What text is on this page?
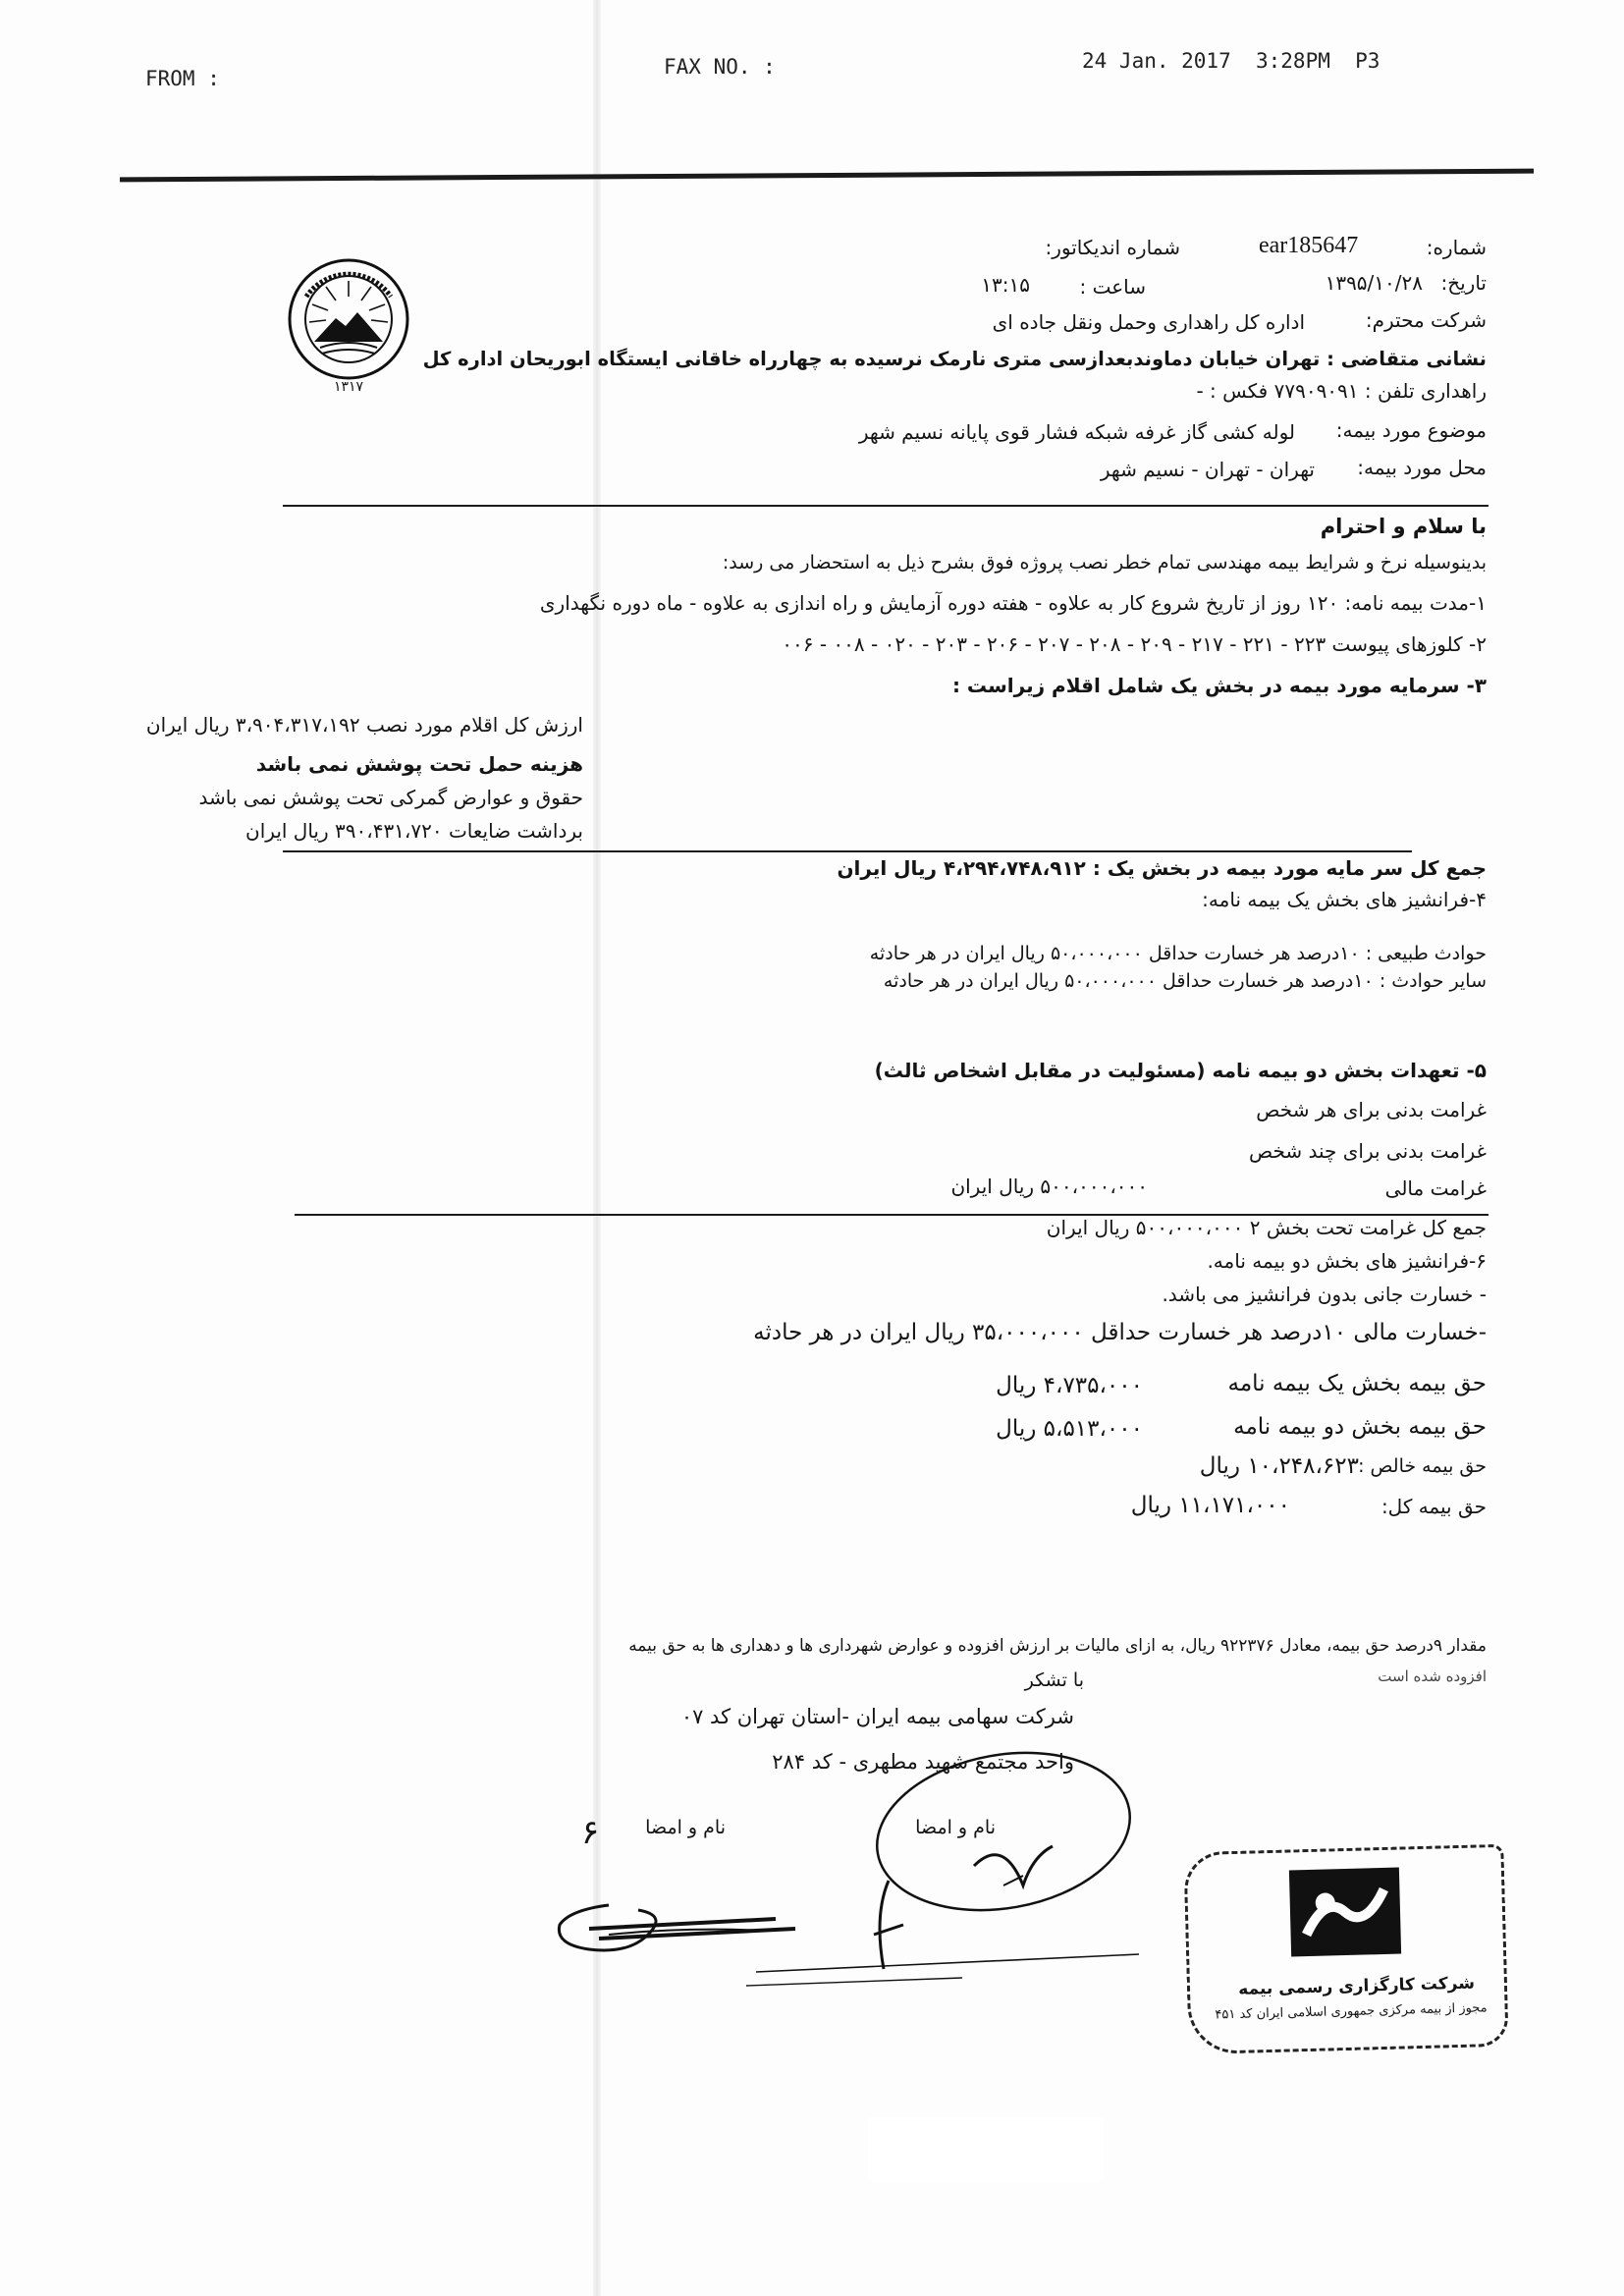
FROM :	FAX NO. :	24 Jan. 2017  3:28PM  P3
۱۳۱۷
شماره:
ear185647
شماره اندیکاتور:
تاریخ:
۱۳۹۵/۱۰/۲۸
ساعت :
۱۳:۱۵
شرکت محترم:
اداره کل راهداری وحمل ونقل جاده ای
نشانی متقاضی : تهران خیابان دماوندبعدازسی متری نارمک نرسیده به چهارراه خاقانی ایستگاه ابوریحان اداره کل
راهداری تلفن : ۷۷۹۰۹۰۹۱ فکس : -
موضوع مورد بیمه:
لوله کشی گاز غرفه شبکه فشار قوی پایانه نسیم شهر
محل مورد بیمه:
تهران - تهران - نسیم شهر
با سلام و احترام
بدینوسیله نرخ و شرایط بیمه مهندسی تمام خطر نصب پروژه فوق بشرح ذیل به استحضار می رسد:
۱-مدت بیمه نامه: ۱۲۰ روز از تاریخ شروع کار به علاوه - هفته دوره آزمایش و راه اندازی به علاوه - ماه دوره نگهداری
۲- کلوزهای پیوست ۲۲۳ - ۲۲۱ - ۲۱۷ - ۲۰۹ - ۲۰۸ - ۲۰۷ - ۲۰۶ - ۲۰۳ - ۰۲۰ - ۰۰۸ - ۰۰۶
۳- سرمایه مورد بیمه در بخش یک شامل اقلام زیراست :
ارزش کل اقلام مورد نصب ۳،۹۰۴،۳۱۷،۱۹۲ ریال ایران
هزینه حمل تحت پوشش نمی باشد
حقوق و عوارض گمرکی تحت پوشش نمی باشد
برداشت ضایعات ۳۹۰،۴۳۱،۷۲۰ ریال ایران
جمع کل سر مایه مورد بیمه در بخش یک : ۴،۲۹۴،۷۴۸،۹۱۲ ریال ایران
۴-فرانشیز های بخش یک بیمه نامه:
حوادث طبیعی : ۱۰درصد هر خسارت حداقل ۵۰،۰۰۰،۰۰۰ ریال ایران در هر حادثه
سایر حوادث : ۱۰درصد هر خسارت حداقل ۵۰،۰۰۰،۰۰۰ ریال ایران در هر حادثه
۵- تعهدات بخش دو بیمه نامه (مسئولیت در مقابل اشخاص ثالث)
غرامت بدنی برای هر شخص
غرامت بدنی برای چند شخص
غرامت مالی
۵۰۰،۰۰۰،۰۰۰ ریال ایران
جمع کل غرامت تحت بخش ۲ ۵۰۰،۰۰۰،۰۰۰ ریال ایران
۶-فرانشیز های بخش دو بیمه نامه.
- خسارت جانی بدون فرانشیز می باشد.
-خسارت مالی ۱۰درصد هر خسارت حداقل ۳۵،۰۰۰،۰۰۰ ریال ایران در هر حادثه
حق بیمه بخش یک بیمه نامه
۴،۷۳۵،۰۰۰ ریال
حق بیمه بخش دو بیمه نامه
۵،۵۱۳،۰۰۰ ریال
حق بیمه خالص :
۱۰،۲۴۸،۶۲۳ ریال
حق بیمه کل:
۱۱،۱۷۱،۰۰۰ ریال
مقدار ۹درصد حق بیمه، معادل ۹۲۲۳۷۶ ریال، به ازای مالیات بر ارزش افزوده و عوارض شهرداری ها و دهداری ها به حق بیمه
افزوده شده است
با تشکر
شرکت سهامی بیمه ایران -استان تهران کد ۰۷
واحد مجتمع شهید مطهری - کد ۲۸۴
نام و امضا
نام و امضا
۶
شرکت کارگزاری رسمی بیمه
مجوز از بیمه مرکزی جمهوری اسلامی ایران کد ۴۵۱
